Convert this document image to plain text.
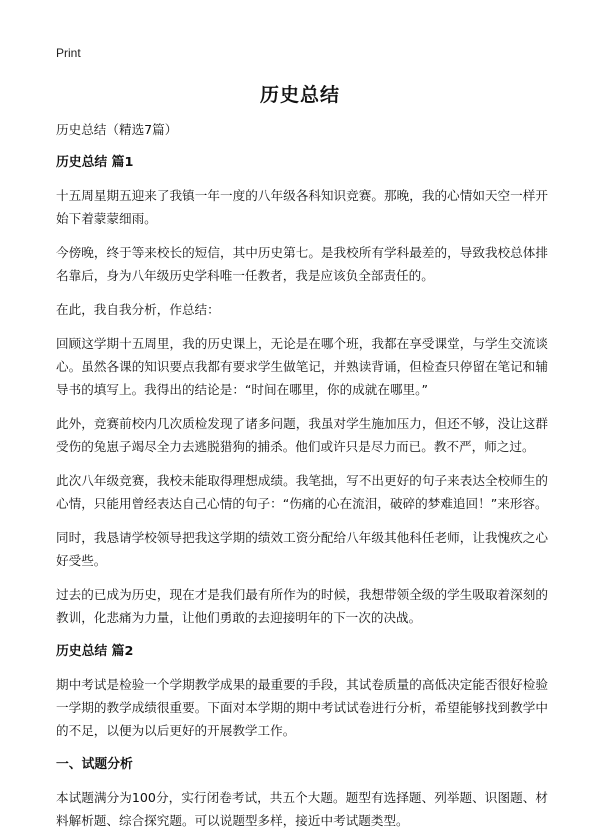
Print
历史总结

历史总结（精选7篇）

历史总结 篇1

十五周星期五迎来了我镇一年一度的八年级各科知识竞赛。那晚，我的心情如天空一样开始下着蒙蒙细雨。

今傍晚，终于等来校长的短信，其中历史第七。是我校所有学科最差的，导致我校总体排名靠后，身为八年级历史学科唯一任教者，我是应该负全部责任的。

在此，我自我分析，作总结：

回顾这学期十五周里，我的历史课上，无论是在哪个班，我都在享受课堂，与学生交流谈心。虽然各课的知识要点我都有要求学生做笔记，并熟读背诵，但检查只停留在笔记和辅导书的填写上。我得出的结论是：“时间在哪里，你的成就在哪里。”

此外，竞赛前校内几次质检发现了诸多问题，我虽对学生施加压力，但还不够，没让这群受伤的兔崽子竭尽全力去逃脱猎狗的捕杀。他们或许只是尽力而已。教不严，师之过。

此次八年级竞赛，我校未能取得理想成绩。我笔拙，写不出更好的句子来表达全校师生的心情，只能用曾经表达自己心情的句子：“伤痛的心在流泪，破碎的梦难追回！”来形容。

同时，我恳请学校领导把我这学期的绩效工资分配给八年级其他科任老师，让我愧疚之心好受些。

过去的已成为历史，现在才是我们最有所作为的时候，我想带领全级的学生吸取着深刻的教训，化悲痛为力量，让他们勇敢的去迎接明年的下一次的决战。

历史总结 篇2

期中考试是检验一个学期教学成果的最重要的手段，其试卷质量的高低决定能否很好检验一学期的教学成绩很重要。下面对本学期的期中考试试卷进行分析，希望能够找到教学中的不足，以便为以后更好的开展教学工作。

一、试题分析

本试题满分为100分，实行闭卷考试，共五个大题。题型有选择题、列举题、识图题、材料解析题、综合探究题。可以说题型多样，接近中考试题类型。
